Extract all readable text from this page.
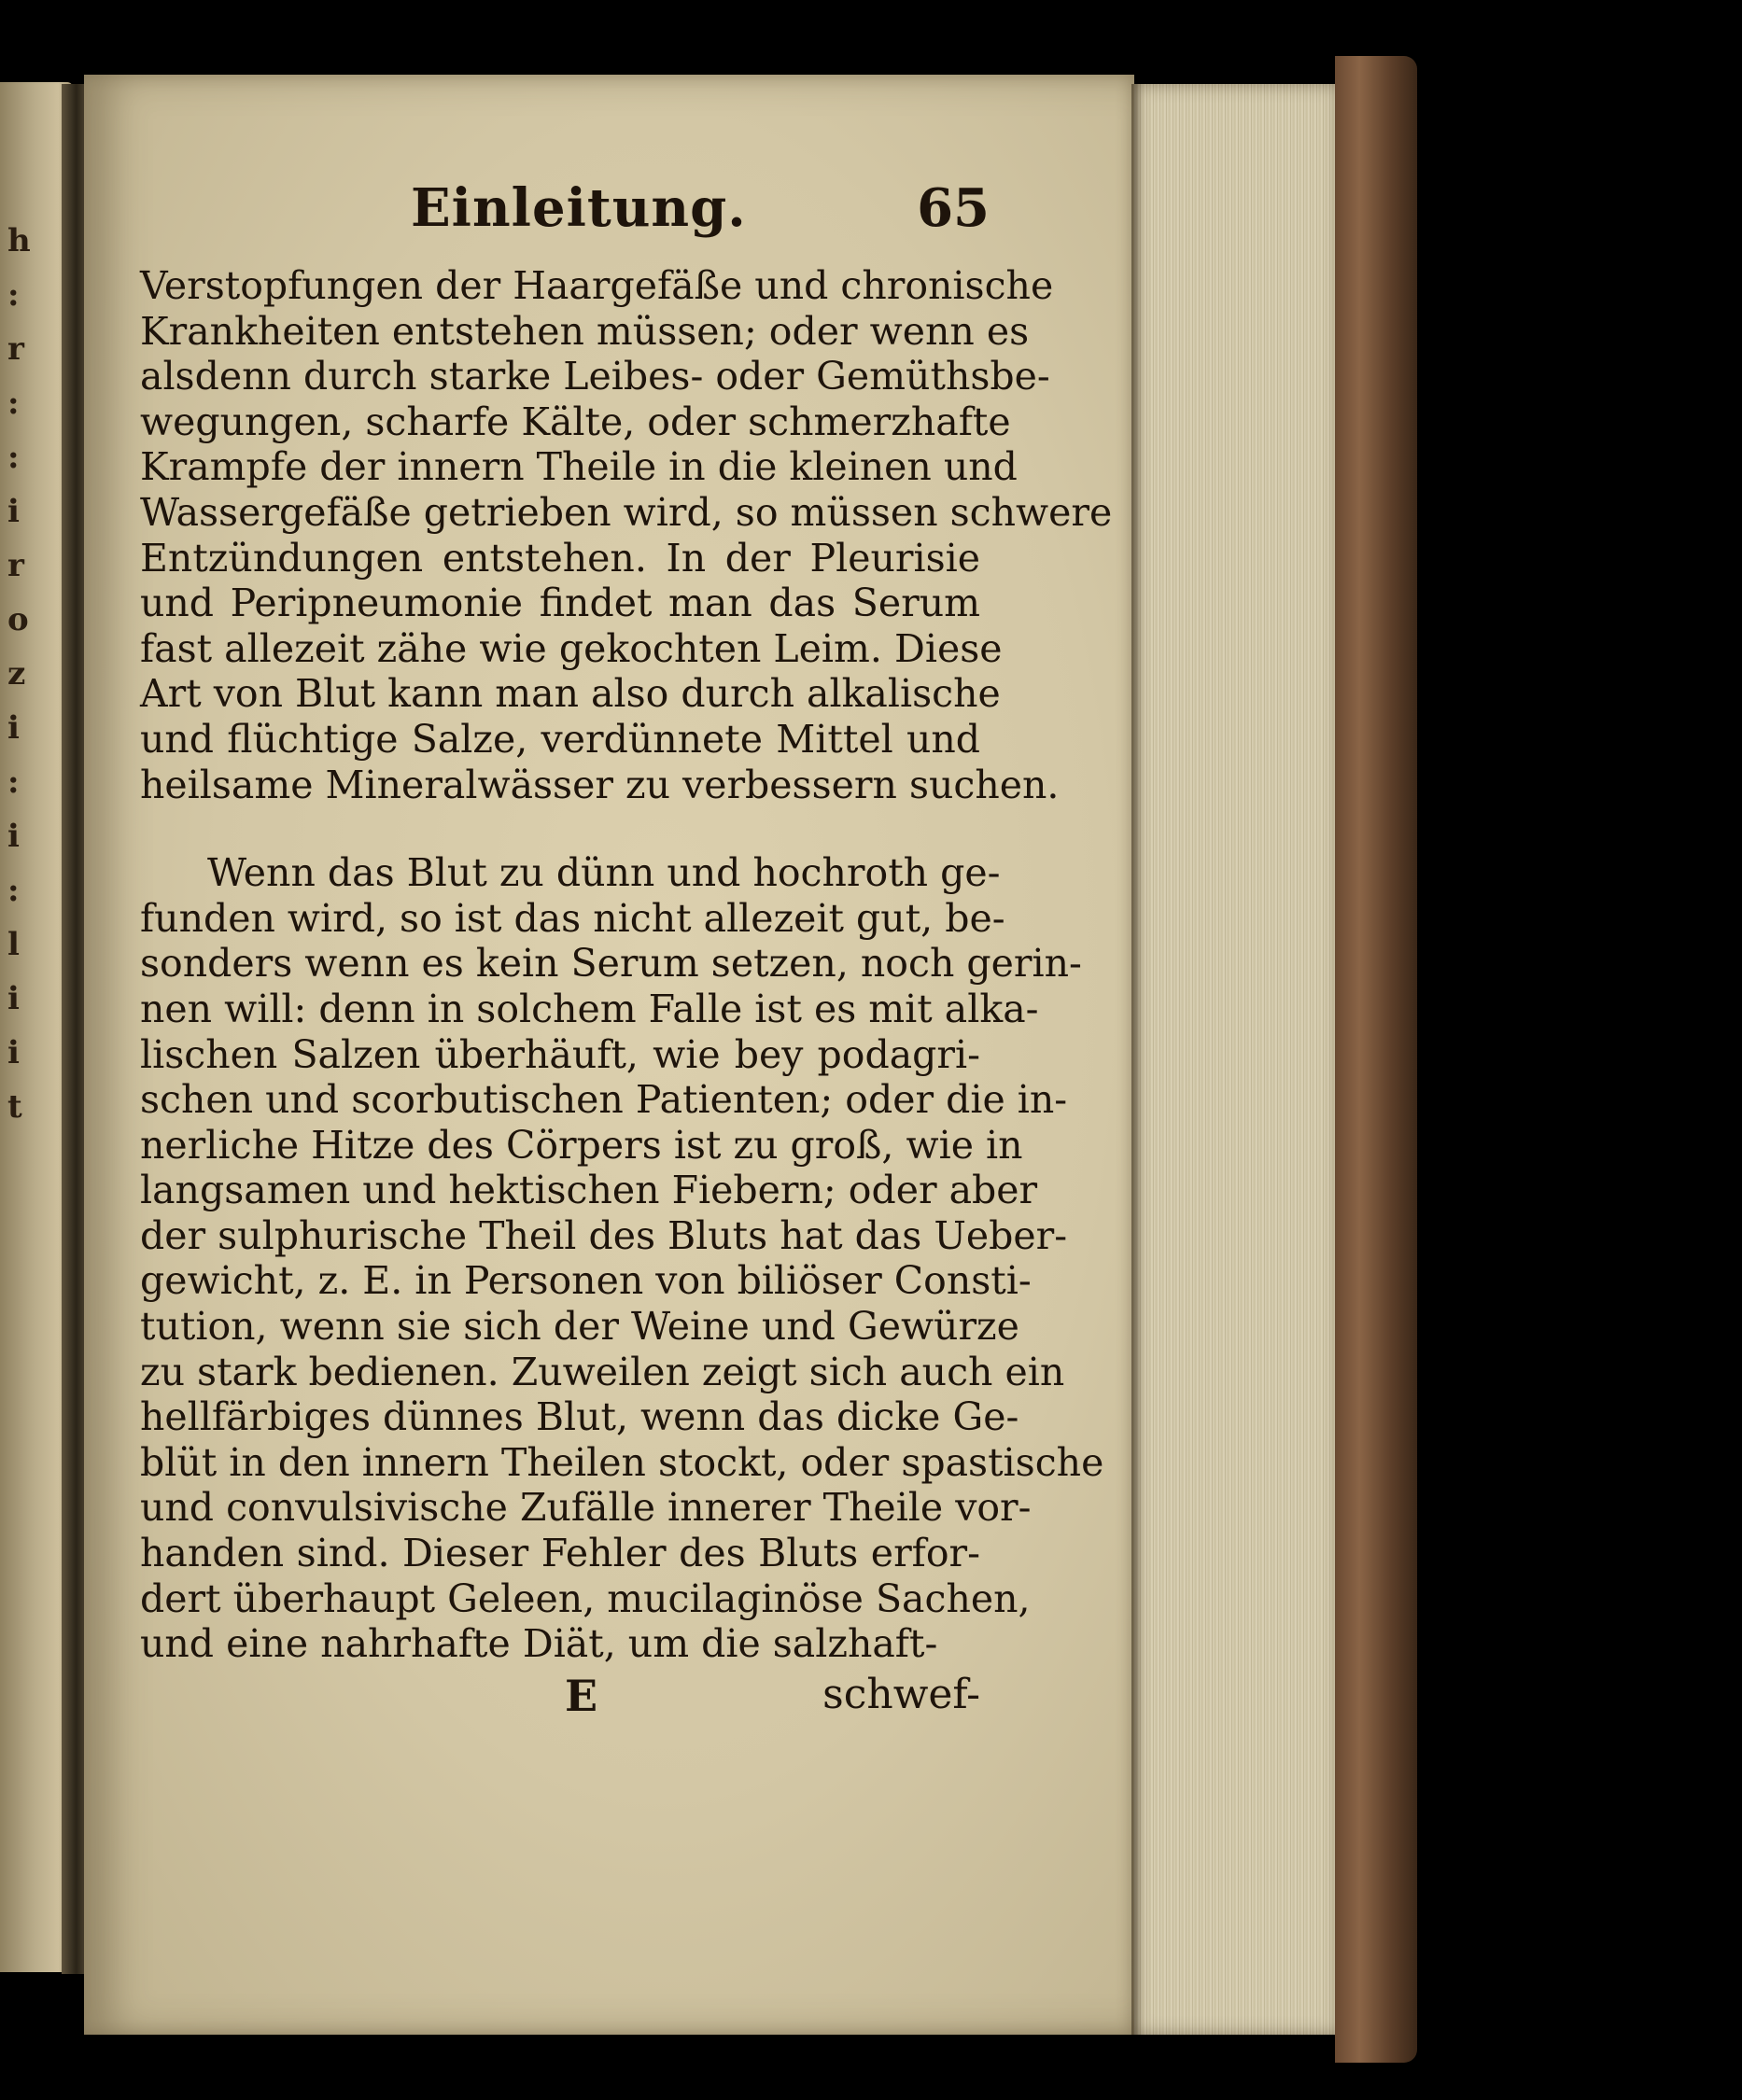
h
:
r
:
:
i
r
o
z
i
:
i
:
l
i
i
t
Einleitung.	65
Verstopfungen der Haargefäße und chronische
Krankheiten entstehen müssen; oder wenn es
alsdenn durch starke Leibes- oder Gemüthsbe-
wegungen, scharfe Kälte, oder schmerzhafte
Krampfe der innern Theile in die kleinen und
Wassergefäße getrieben wird, so müssen schwere
Entzündungen entstehen. In der Pleurisie
und Peripneumonie findet man das Serum
fast allezeit zähe wie gekochten Leim. Diese
Art von Blut kann man also durch alkalische
und flüchtige Salze, verdünnete Mittel und
heilsame Mineralwässer zu verbessern suchen.
Wenn das Blut zu dünn und hochroth ge-
funden wird, so ist das nicht allezeit gut, be-
sonders wenn es kein Serum setzen, noch gerin-
nen will: denn in solchem Falle ist es mit alka-
lischen Salzen überhäuft, wie bey podagri-
schen und scorbutischen Patienten; oder die in-
nerliche Hitze des Cörpers ist zu groß, wie in
langsamen und hektischen Fiebern; oder aber
der sulphurische Theil des Bluts hat das Ueber-
gewicht, z. E. in Personen von biliöser Consti-
tution, wenn sie sich der Weine und Gewürze
zu stark bedienen. Zuweilen zeigt sich auch ein
hellfärbiges dünnes Blut, wenn das dicke Ge-
blüt in den innern Theilen stockt, oder spastische
und convulsivische Zufälle innerer Theile vor-
handen sind. Dieser Fehler des Bluts erfor-
dert überhaupt Geleen, mucilaginöse Sachen,
und eine nahrhafte Diät, um die salzhaft-
E	schwef-
